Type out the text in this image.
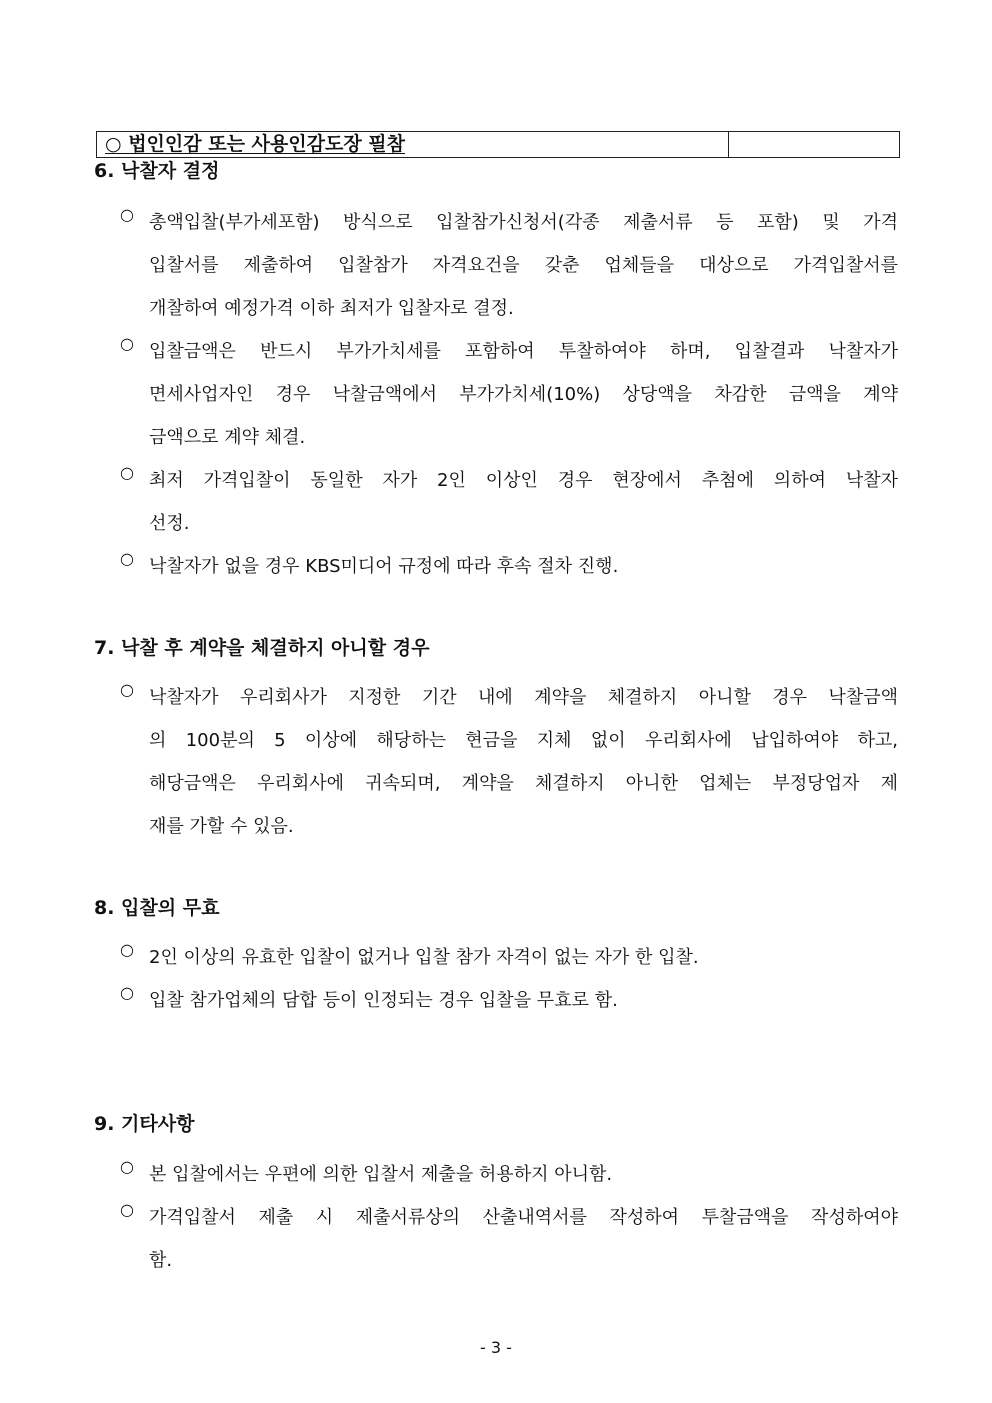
○ 법인인감 또는 사용인감도장 필참
6. 낙찰자 결정
○ 총액입찰(부가세포함) 방식으로 입찰참가신청서(각종 제출서류 등 포함) 및 가격
입찰서를 제출하여 입찰참가 자격요건을 갖춘 업체들을 대상으로 가격입찰서를
개찰하여 예정가격 이하 최저가 입찰자로 결정.
○ 입찰금액은 반드시 부가가치세를 포함하여 투찰하여야 하며, 입찰결과 낙찰자가
면세사업자인 경우 낙찰금액에서 부가가치세(10%) 상당액을 차감한 금액을 계약
금액으로 계약 체결.
○ 최저 가격입찰이 동일한 자가 2인 이상인 경우 현장에서 추첨에 의하여 낙찰자
선정.
○ 낙찰자가 없을 경우 KBS미디어 규정에 따라 후속 절차 진행.
7. 낙찰 후 계약을 체결하지 아니할 경우
○ 낙찰자가 우리회사가 지정한 기간 내에 계약을 체결하지 아니할 경우 낙찰금액
의 100분의 5 이상에 해당하는 현금을 지체 없이 우리회사에 납입하여야 하고,
해당금액은 우리회사에 귀속되며, 계약을 체결하지 아니한 업체는 부정당업자 제
재를 가할 수 있음.
8. 입찰의 무효
○ 2인 이상의 유효한 입찰이 없거나 입찰 참가 자격이 없는 자가 한 입찰.
○ 입찰 참가업체의 담합 등이 인정되는 경우 입찰을 무효로 함.
9. 기타사항
○ 본 입찰에서는 우편에 의한 입찰서 제출을 허용하지 아니함.
○ 가격입찰서 제출 시 제출서류상의 산출내역서를 작성하여 투찰금액을 작성하여야
함.
- 3 -
